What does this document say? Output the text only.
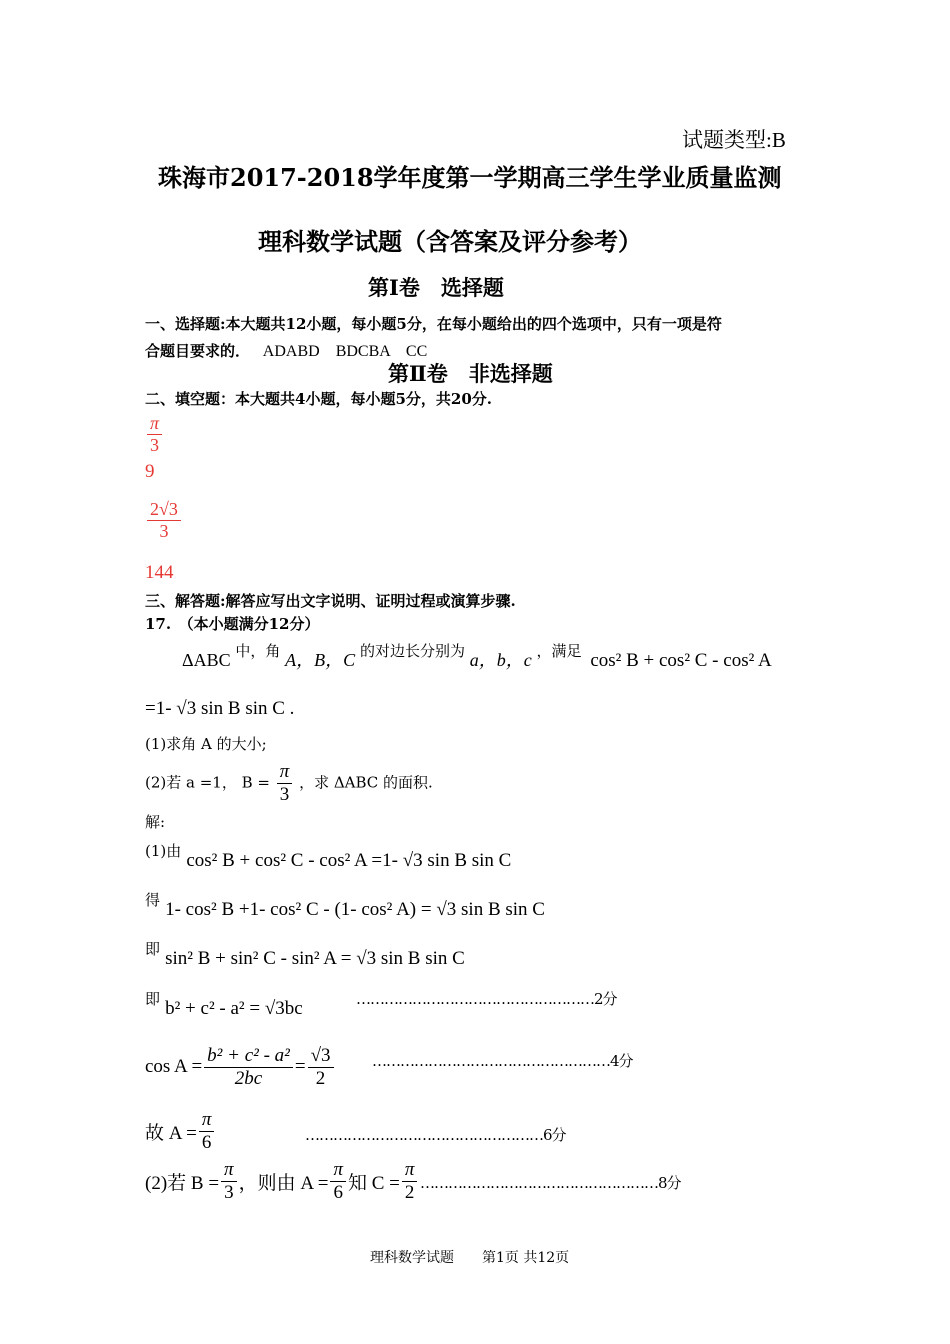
试题类型:B
珠海市2017-2018学年度第一学期高三学生学业质量监测
理科数学试题（含答案及评分参考）
第Ⅰ卷　选择题
一、选择题:本大题共12小题，每小题5分，在每小题给出的四个选项中，只有一项是符
合题目要求的． ADABD　BDCBA　CC
第Ⅱ卷　非选择题
二、填空题：本大题共4小题，每小题5分，共20分.
$\frac{\pi}{3}$
9
$\frac{2√3}{3}$
144
三、解答题:解答应写出文字说明、证明过程或演算步骤.
17.　（本小题满分12分）
ΔABC 中，角 A，B，C 的对边长分别为 a，b，c ，满足 cos² B + cos² C - cos² A
=1- √3 sin B sin C .
(1)求角 A 的大小;
(2)若 a =1， $B = \frac{\pi}{3}$ ，求 ΔABC 的面积.
解:
(1)由 cos² B + cos² C - cos² A =1- √3 sin B sin C
得 1- cos² B +1- cos² C - (1- cos² A) = √3 sin B sin C
即 sin² B + sin² C - sin² A = √3 sin B sin C
即 b² + c² - a² = √3bc	……………………………………………2分
$\cos A = \frac{\text{b² + c² - a²}}{2bc} = \frac{√3}{2}$	……………………………………………4分
故 $A = \frac{\pi}{6}$	……………………………………………6分
(2)若 $B = \frac{\pi}{3}$ ，则由 $A = \frac{\pi}{6}$ 知 $C = \frac{\pi}{2}$ ……………………………………………8分
理科数学试题　　第1页 共12页
